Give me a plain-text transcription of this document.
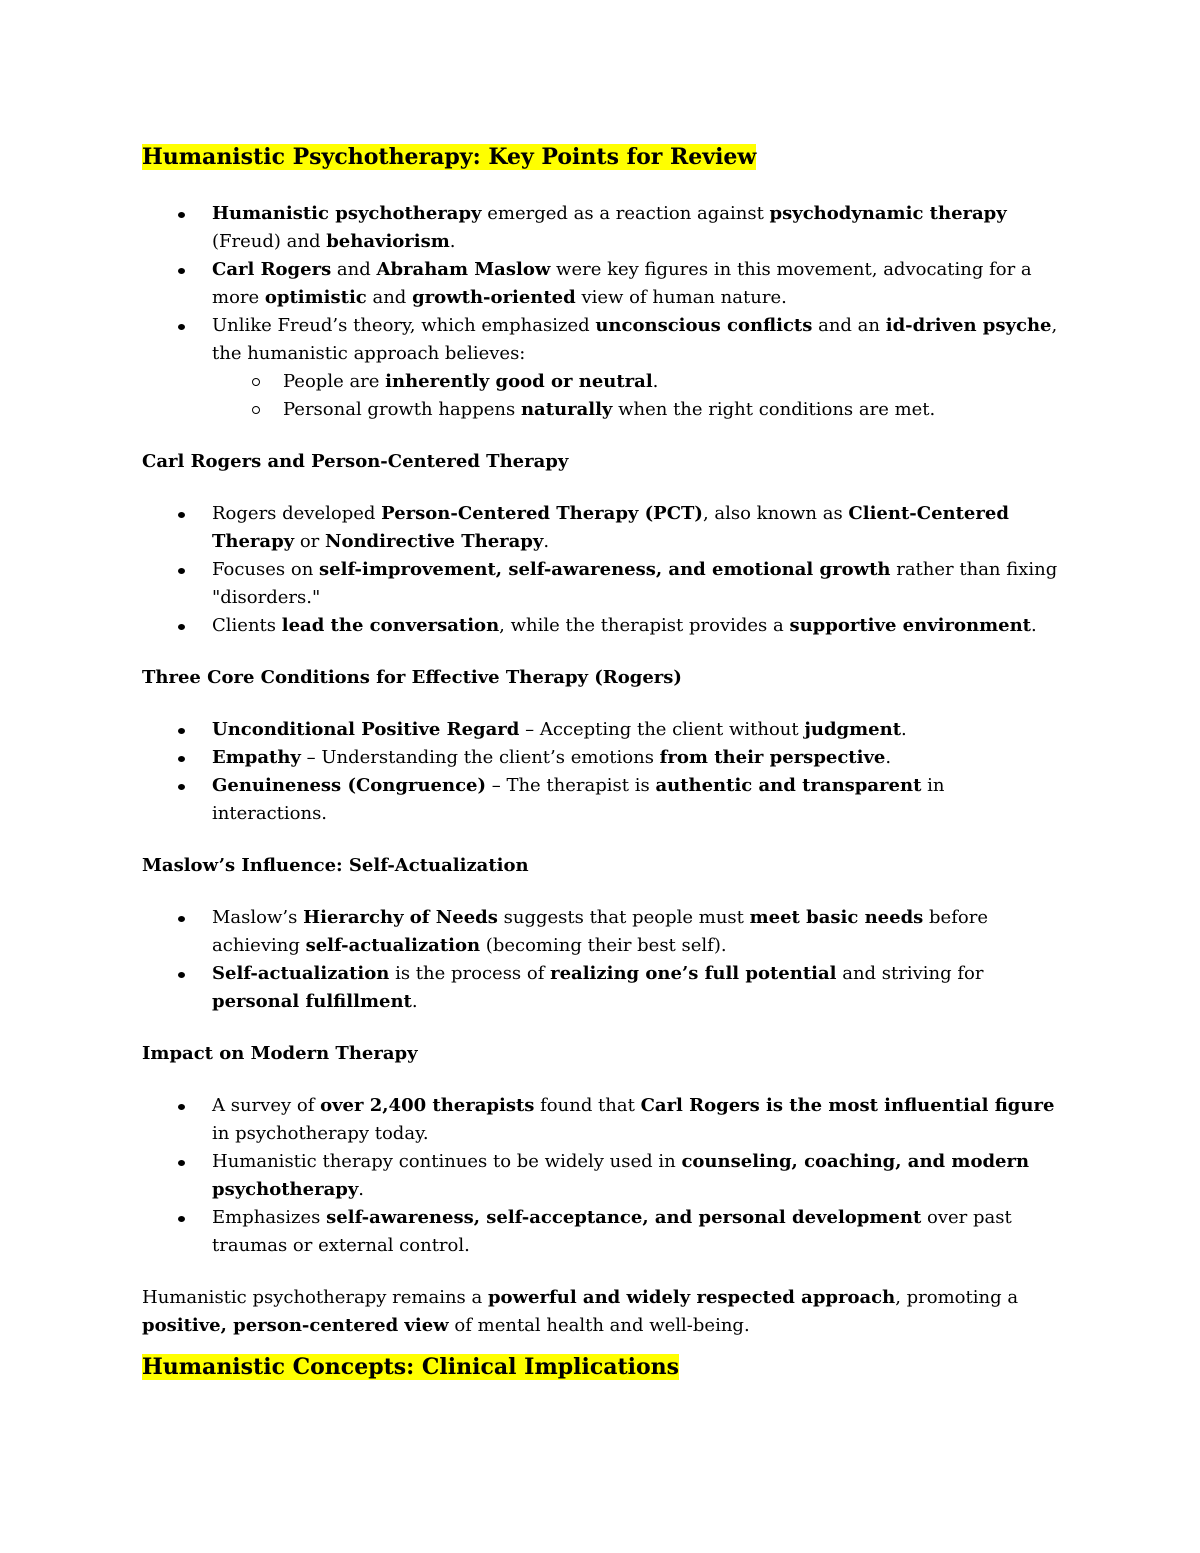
Humanistic Psychotherapy: Key Points for Review
Humanistic psychotherapy emerged as a reaction against psychodynamic therapy (Freud) and behaviorism.
Carl Rogers and Abraham Maslow were key figures in this movement, advocating for a more optimistic and growth-oriented view of human nature.
Unlike Freud’s theory, which emphasized unconscious conflicts and an id-driven psyche, the humanistic approach believes:
People are inherently good or neutral.
Personal growth happens naturally when the right conditions are met.

Carl Rogers and Person-Centered Therapy

Rogers developed Person-Centered Therapy (PCT), also known as Client-Centered Therapy or Nondirective Therapy.
Focuses on self-improvement, self-awareness, and emotional growth rather than fixing "disorders."
Clients lead the conversation, while the therapist provides a supportive environment.

Three Core Conditions for Effective Therapy (Rogers)

Unconditional Positive Regard – Accepting the client without judgment.
Empathy – Understanding the client’s emotions from their perspective.
Genuineness (Congruence) – The therapist is authentic and transparent in interactions.

Maslow’s Influence: Self-Actualization

Maslow’s Hierarchy of Needs suggests that people must meet basic needs before achieving self-actualization (becoming their best self).
Self-actualization is the process of realizing one’s full potential and striving for personal fulfillment.

Impact on Modern Therapy

A survey of over 2,400 therapists found that Carl Rogers is the most influential figure in psychotherapy today.
Humanistic therapy continues to be widely used in counseling, coaching, and modern psychotherapy.
Emphasizes self-awareness, self-acceptance, and personal development over past traumas or external control.

Humanistic psychotherapy remains a powerful and widely respected approach, promoting a positive, person-centered view of mental health and well-being.

Humanistic Concepts: Clinical Implications
